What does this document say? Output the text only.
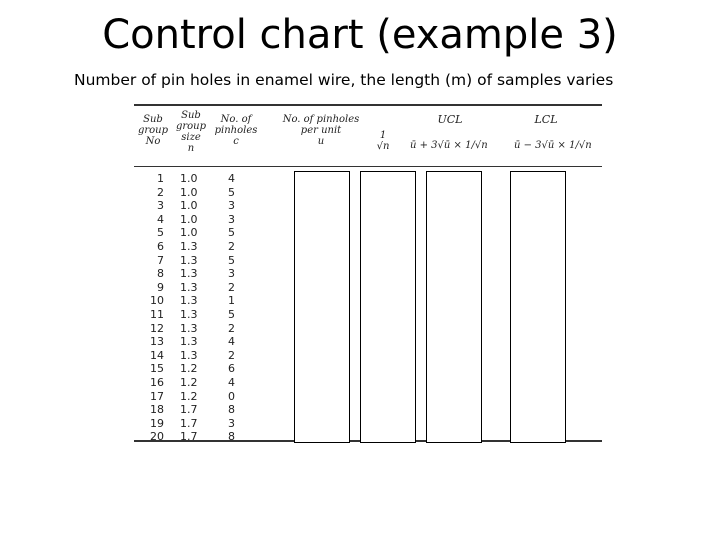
Control chart (example 3)
Number of pin holes in enamel wire, the length (m) of samples varies
Sub
group
No
Sub
group
size
n
No. of
pinholes
c
No. of pinholes
per unit
u
1
√n
UCL
ū + 3√ū × 1/√n
LCL
ū − 3√ū × 1/√n
1
2
3
4
5
6
7
8
9
10
11
12
13
14
15
16
17
18
19
20
1.0
1.0
1.0
1.0
1.0
1.3
1.3
1.3
1.3
1.3
1.3
1.3
1.3
1.3
1.2
1.2
1.2
1.7
1.7
1.7
4
5
3
3
5
2
5
3
2
1
5
2
4
2
6
4
0
8
3
8
